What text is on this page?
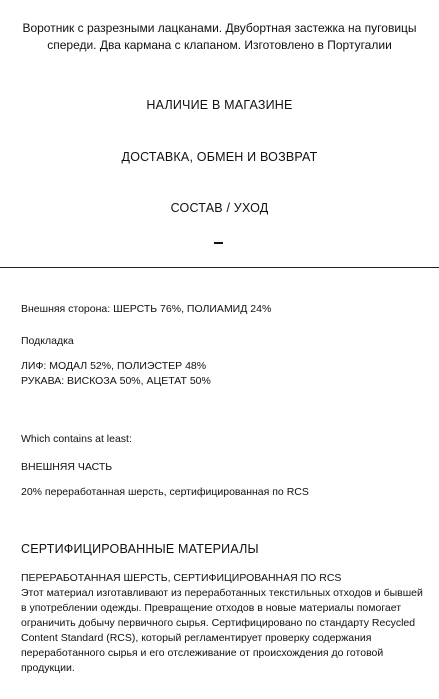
Воротник с разрезными лацканами. Двубортная застежка на пуговицы спереди. Два кармана с клапаном. Изготовлено в Португалии

НАЛИЧИЕ В МАГАЗИНЕ
ДОСТАВКА, ОБМЕН И ВОЗВРАТ
СОСТАВ / УХОД

Внешняя сторона: ШЕРСТЬ 76%, ПОЛИАМИД 24%

Подкладка

ЛИФ: МОДАЛ 52%, ПОЛИЭСТЕР 48%

РУКАВА: ВИСКОЗА 50%, АЦЕТАТ 50%

Which contains at least:

ВНЕШНЯЯ ЧАСТЬ

20% переработанная шерсть, сертифицированная по RCS

СЕРТИФИЦИРОВАННЫЕ МАТЕРИАЛЫ

ПЕРЕРАБОТАННАЯ ШЕРСТЬ, СЕРТИФИЦИРОВАННАЯ ПО RCS

Этот материал изготавливают из переработанных текстильных отходов и бывшей в употреблении одежды. Превращение отходов в новые материалы помогает ограничить добычу первичного сырья. Сертифицировано по стандарту Recycled Content Standard (RCS), который регламентирует проверку содержания переработанного сырья и его отслеживание от происхождения до готовой продукции.
